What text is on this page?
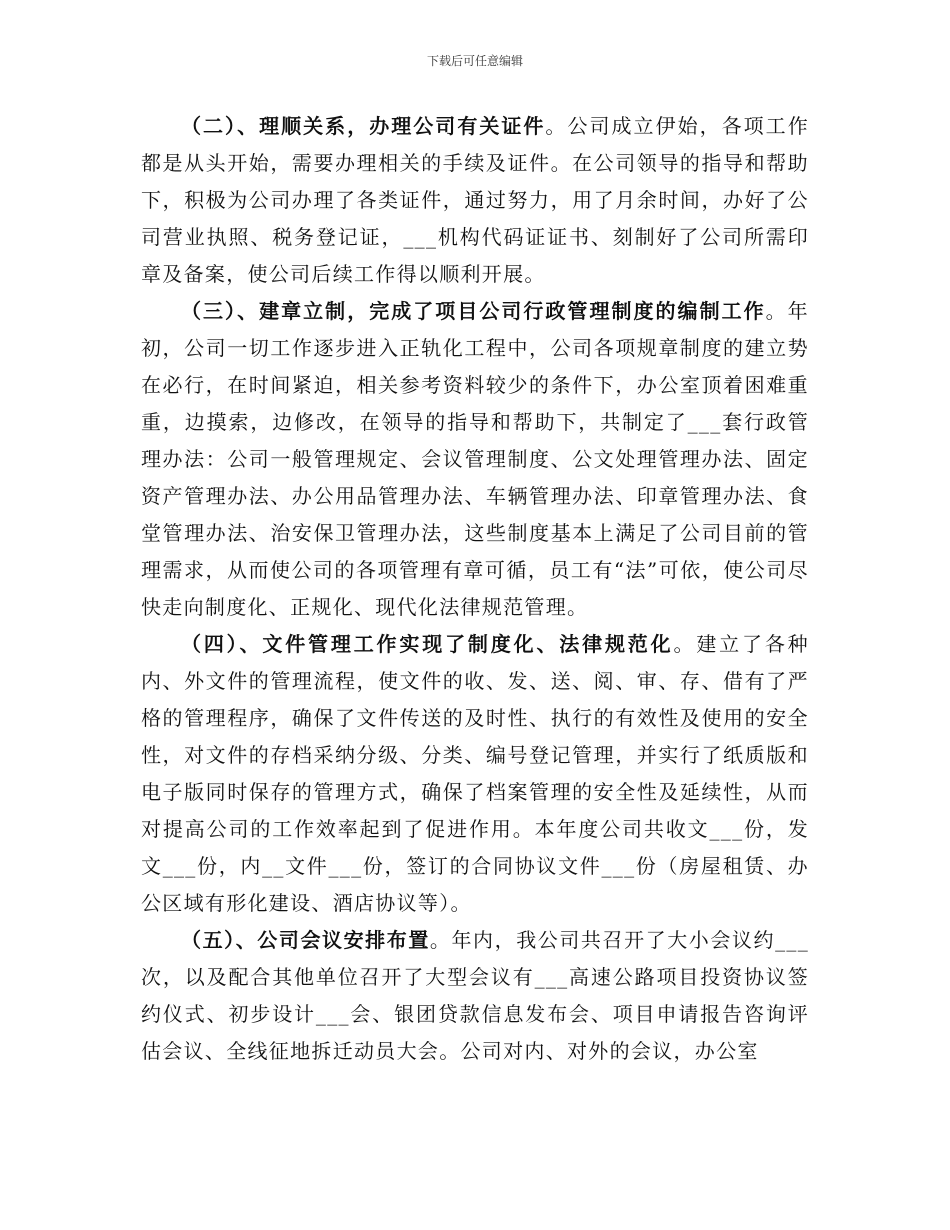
下载后可任意编辑

（二）、理顺关系，办理公司有关证件。公司成立伊始，各项工作都是从头开始，需要办理相关的手续及证件。在公司领导的指导和帮助下，积极为公司办理了各类证件，通过努力，用了月余时间，办好了公司营业执照、税务登记证，___机构代码证证书、刻制好了公司所需印章及备案，使公司后续工作得以顺利开展。

（三）、建章立制，完成了项目公司行政管理制度的编制工作。年初，公司一切工作逐步进入正轨化工程中，公司各项规章制度的建立势在必行，在时间紧迫，相关参考资料较少的条件下，办公室顶着困难重重，边摸索，边修改，在领导的指导和帮助下，共制定了___套行政管理办法：公司一般管理规定、会议管理制度、公文处理管理办法、固定资产管理办法、办公用品管理办法、车辆管理办法、印章管理办法、食堂管理办法、治安保卫管理办法，这些制度基本上满足了公司目前的管理需求，从而使公司的各项管理有章可循，员工有“法”可依，使公司尽快走向制度化、正规化、现代化法律规范管理。

（四）、文件管理工作实现了制度化、法律规范化。建立了各种内、外文件的管理流程，使文件的收、发、送、阅、审、存、借有了严格的管理程序，确保了文件传送的及时性、执行的有效性及使用的安全性，对文件的存档采纳分级、分类、编号登记管理，并实行了纸质版和电子版同时保存的管理方式，确保了档案管理的安全性及延续性，从而对提高公司的工作效率起到了促进作用。本年度公司共收文___份，发文___份，内__文件___份，签订的合同协议文件___份（房屋租赁、办公区域有形化建设、酒店协议等）。

（五）、公司会议安排布置。年内，我公司共召开了大小会议约___次，以及配合其他单位召开了大型会议有___高速公路项目投资协议签约仪式、初步设计___会、银团贷款信息发布会、项目申请报告咨询评估会议、全线征地拆迁动员大会。公司对内、对外的会议，办公室
